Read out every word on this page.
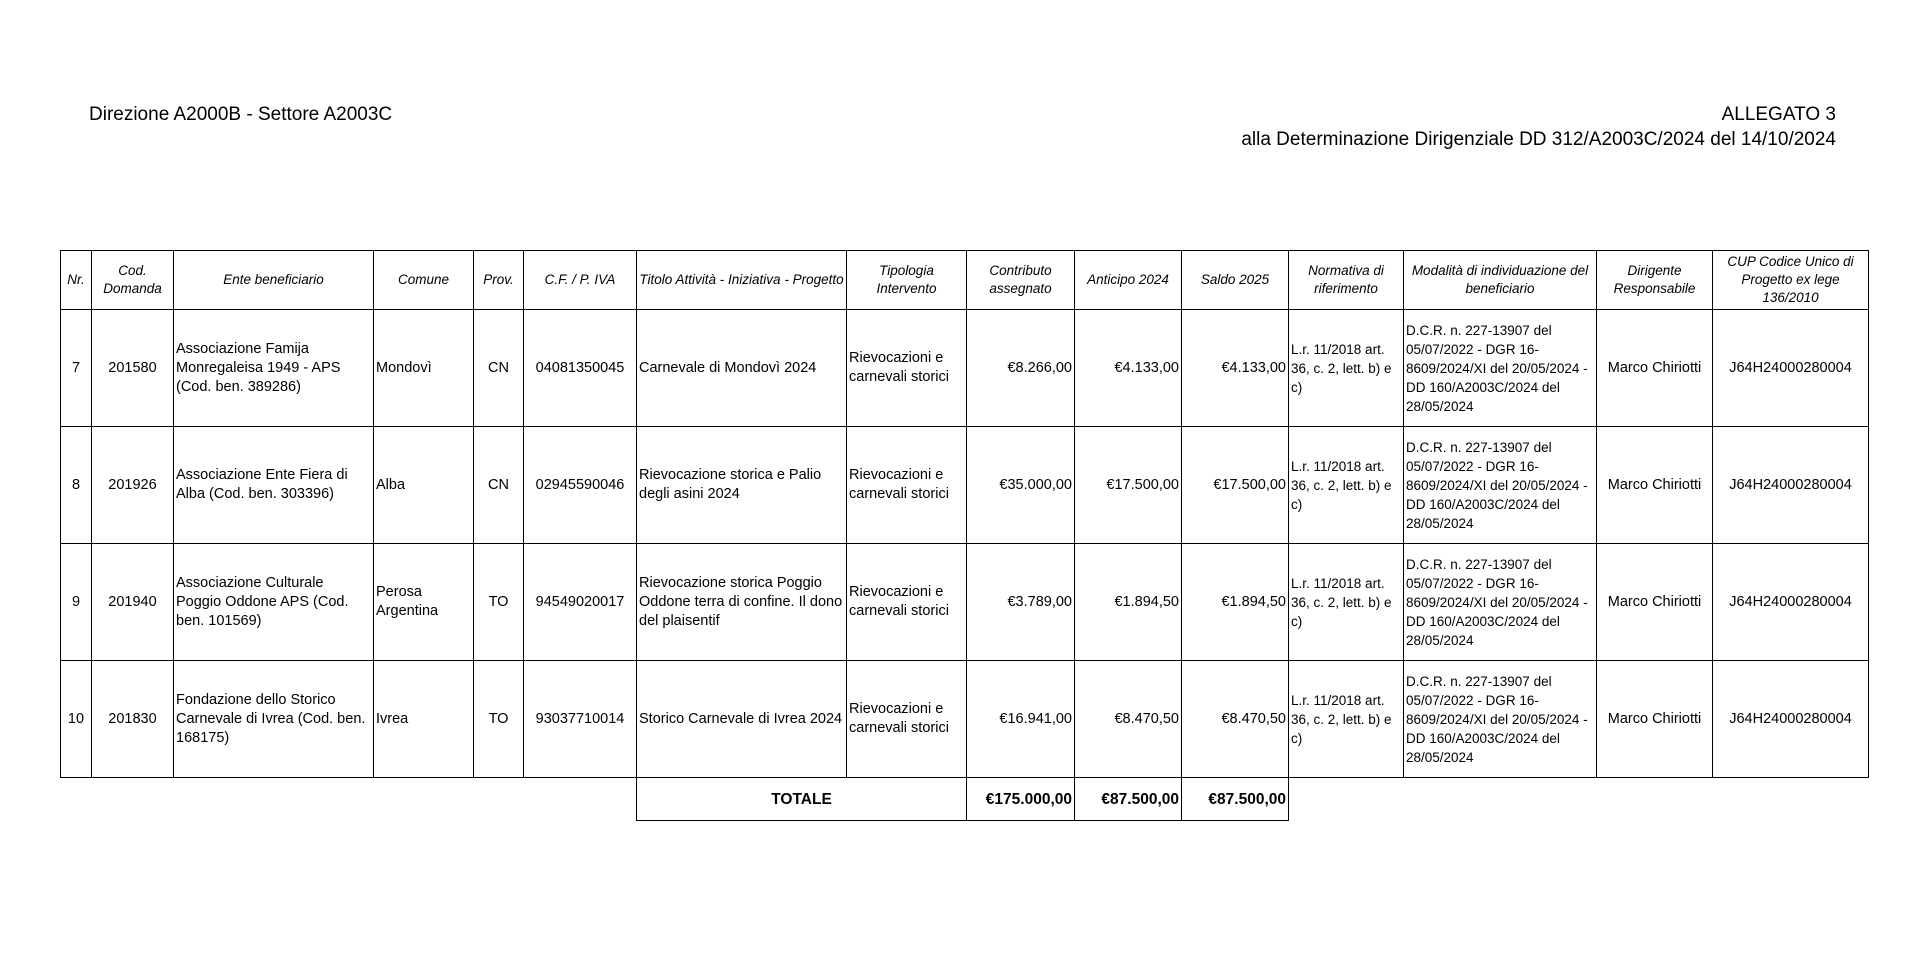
Direzione A2000B - Settore A2003C	ALLEGATO 3
alla Determinazione Dirigenziale DD 312/A2003C/2024 del 14/10/2024
Nr.	Cod. Domanda	Ente beneficiario	Comune	Prov.	C.F. / P. IVA	Titolo Attività - Iniziativa - Progetto	Tipologia Intervento	Contributo assegnato	Anticipo 2024	Saldo 2025	Normativa di riferimento	Modalità di individuazione del beneficiario	Dirigente Responsabile	CUP Codice Unico di Progetto ex lege 136/2010
7	201580	Associazione Famija Monregaleisa 1949 - APS (Cod. ben. 389286)	Mondovì	CN	04081350045	Carnevale di Mondovì 2024	Rievocazioni e carnevali storici	€8.266,00	€4.133,00	€4.133,00	L.r. 11/2018 art. 36, c. 2, lett. b) e c)	D.C.R. n. 227-13907 del 05/07/2022 - DGR 16-8609/2024/XI del 20/05/2024 - DD 160/A2003C/2024 del 28/05/2024	Marco Chiriotti	J64H24000280004
8	201926	Associazione Ente Fiera di Alba (Cod. ben. 303396)	Alba	CN	02945590046	Rievocazione storica e Palio degli asini 2024	Rievocazioni e carnevali storici	€35.000,00	€17.500,00	€17.500,00	L.r. 11/2018 art. 36, c. 2, lett. b) e c)	D.C.R. n. 227-13907 del 05/07/2022 - DGR 16-8609/2024/XI del 20/05/2024 - DD 160/A2003C/2024 del 28/05/2024	Marco Chiriotti	J64H24000280004
9	201940	Associazione Culturale Poggio Oddone APS (Cod. ben. 101569)	Perosa Argentina	TO	94549020017	Rievocazione storica Poggio Oddone terra di confine. Il dono del plaisentif	Rievocazioni e carnevali storici	€3.789,00	€1.894,50	€1.894,50	L.r. 11/2018 art. 36, c. 2, lett. b) e c)	D.C.R. n. 227-13907 del 05/07/2022 - DGR 16-8609/2024/XI del 20/05/2024 - DD 160/A2003C/2024 del 28/05/2024	Marco Chiriotti	J64H24000280004
10	201830	Fondazione dello Storico Carnevale di Ivrea (Cod. ben. 168175)	Ivrea	TO	93037710014	Storico Carnevale di Ivrea 2024	Rievocazioni e carnevali storici	€16.941,00	€8.470,50	€8.470,50	L.r. 11/2018 art. 36, c. 2, lett. b) e c)	D.C.R. n. 227-13907 del 05/07/2022 - DGR 16-8609/2024/XI del 20/05/2024 - DD 160/A2003C/2024 del 28/05/2024	Marco Chiriotti	J64H24000280004
						TOTALE		€175.000,00	€87.500,00	€87.500,00				
